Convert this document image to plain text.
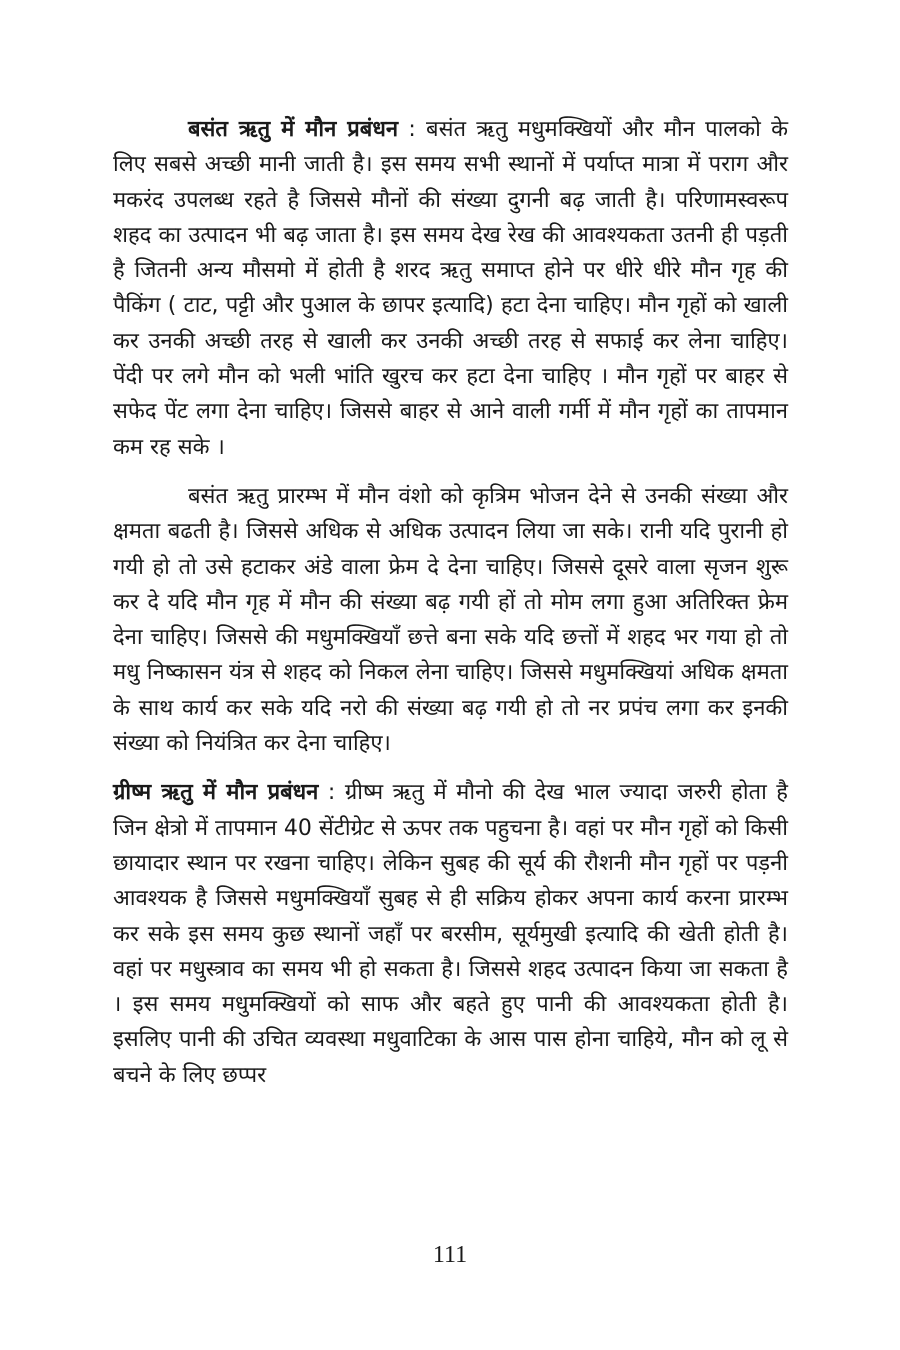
बसंत ऋतु में मौन प्रबंधन : बसंत ऋतु मधुमक्खियों और मौन पालको के लिए सबसे अच्छी मानी जाती है। इस समय सभी स्थानों में पर्याप्त मात्रा में पराग और मकरंद उपलब्ध रहते है जिससे मौनों की संख्या दुगनी बढ़ जाती है। परिणामस्वरूप शहद का उत्पादन भी बढ़ जाता है। इस समय देख रेख की आवश्यकता उतनी ही पड़ती है जितनी अन्य मौसमो में होती है शरद ऋतु समाप्त होने पर धीरे धीरे मौन गृह की पैकिंग ( टाट, पट्टी और पुआल के छापर इत्यादि) हटा देना चाहिए। मौन गृहों को खाली कर उनकी अच्छी तरह से खाली कर उनकी अच्छी तरह से सफाई कर लेना चाहिए। पेंदी पर लगे मौन को भली भांति खुरच कर हटा देना चाहिए । मौन गृहों पर बाहर से सफेद पेंट लगा देना चाहिए। जिससे बाहर से आने वाली गर्मी में मौन गृहों का तापमान कम रह सके ।

बसंत ऋतु प्रारम्भ में मौन वंशो को कृत्रिम भोजन देने से उनकी संख्या और क्षमता बढती है। जिससे अधिक से अधिक उत्पादन लिया जा सके। रानी यदि पुरानी हो गयी हो तो उसे हटाकर अंडे वाला फ्रेम दे देना चाहिए। जिससे दूसरे वाला सृजन शुरू कर दे यदि मौन गृह में मौन की संख्या बढ़ गयी हों तो मोम लगा हुआ अतिरिक्त फ्रेम देना चाहिए। जिससे की मधुमक्खियाँ छत्ते बना सके यदि छत्तों में शहद भर गया हो तो मधु निष्कासन यंत्र से शहद को निकल लेना चाहिए। जिससे मधुमक्खियां अधिक क्षमता के साथ कार्य कर सके यदि नरो की संख्या बढ़ गयी हो तो नर प्रपंच लगा कर इनकी संख्या को नियंत्रित कर देना चाहिए।

ग्रीष्म ऋतु में मौन प्रबंधन : ग्रीष्म ऋतु में मौनो की देख भाल ज्यादा जरुरी होता है जिन क्षेत्रो में तापमान 40 सेंटीग्रेट से ऊपर तक पहुचना है। वहां पर मौन गृहों को किसी छायादार स्थान पर रखना चाहिए। लेकिन सुबह की सूर्य की रौशनी मौन गृहों पर पड़नी आवश्यक है जिससे मधुमक्खियाँ सुबह से ही सक्रिय होकर अपना कार्य करना प्रारम्भ कर सके इस समय कुछ स्थानों जहाँ पर बरसीम, सूर्यमुखी इत्यादि की खेती होती है। वहां पर मधुस्त्राव का समय भी हो सकता है। जिससे शहद उत्पादन किया जा सकता है । इस समय मधुमक्खियों को साफ और बहते हुए पानी की आवश्यकता होती है। इसलिए पानी की उचित व्यवस्था मधुवाटिका के आस पास होना चाहिये, मौन को लू से बचने के लिए छप्पर

111
